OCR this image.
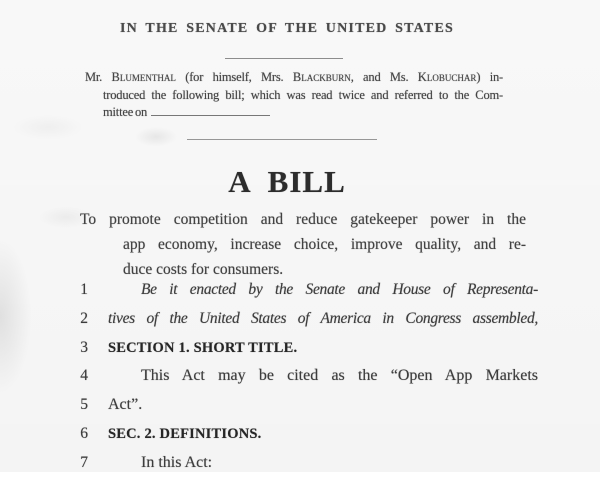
IN THE SENATE OF THE UNITED STATES
Mr. Blumenthal (for himself, Mrs. Blackburn, and Ms. Klobuchar) in-
troduced the following bill; which was read twice and referred to the Com-
mittee on
A BILL
To promote competition and reduce gatekeeper power in the
app economy, increase choice, improve quality, and re-
duce costs for consumers.
1	Be it enacted by the Senate and House of Representa-
2 tives of the United States of America in Congress assembled,
3 SECTION 1. SHORT TITLE.
4	This Act may be cited as the “Open App Markets
5 Act”.
6 SEC. 2. DEFINITIONS.
7	In this Act:
